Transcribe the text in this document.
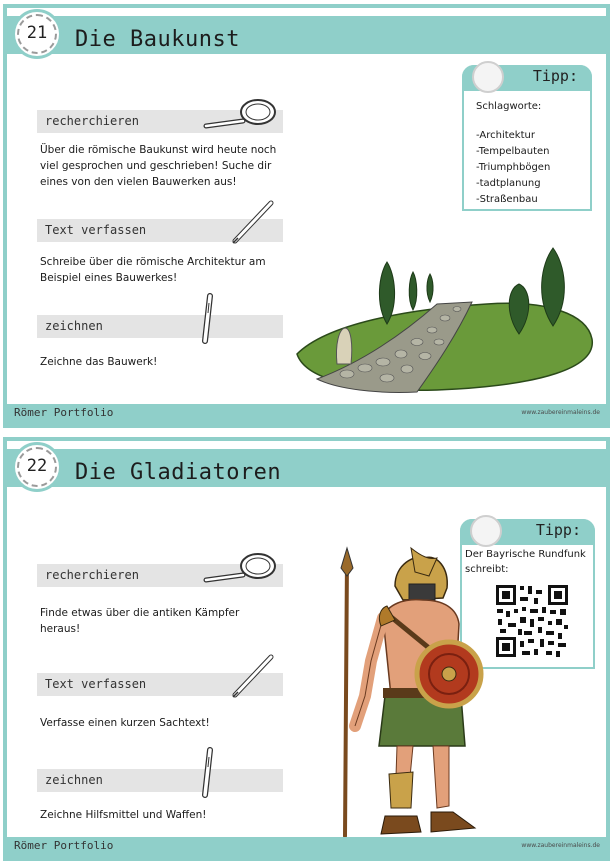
Die Baukunst
21
recherchieren
Über die römische Baukunst wird heute noch viel gesprochen und geschrieben! Suche dir eines von den vielen Bauwerken aus!
Text verfassen
Schreibe über die römische Architektur am Beispiel eines Bauwerkes!
zeichnen
Zeichne das Bauwerk!
Tipp:
Schlagworte:
-Architektur
-Tempelbauten
-Triumphbögen
-tadtplanung
-Straßenbau
Römer Portfolio	www.zaubereinmaleins.de
Die Gladiatoren
22
recherchieren
Finde etwas über die antiken Kämpfer heraus!
Text verfassen
Verfasse einen kurzen Sachtext!
zeichnen
Zeichne Hilfsmittel und Waffen!
Tipp:
Der Bayrische Rundfunk schreibt:
Römer Portfolio	www.zaubereinmaleins.de
